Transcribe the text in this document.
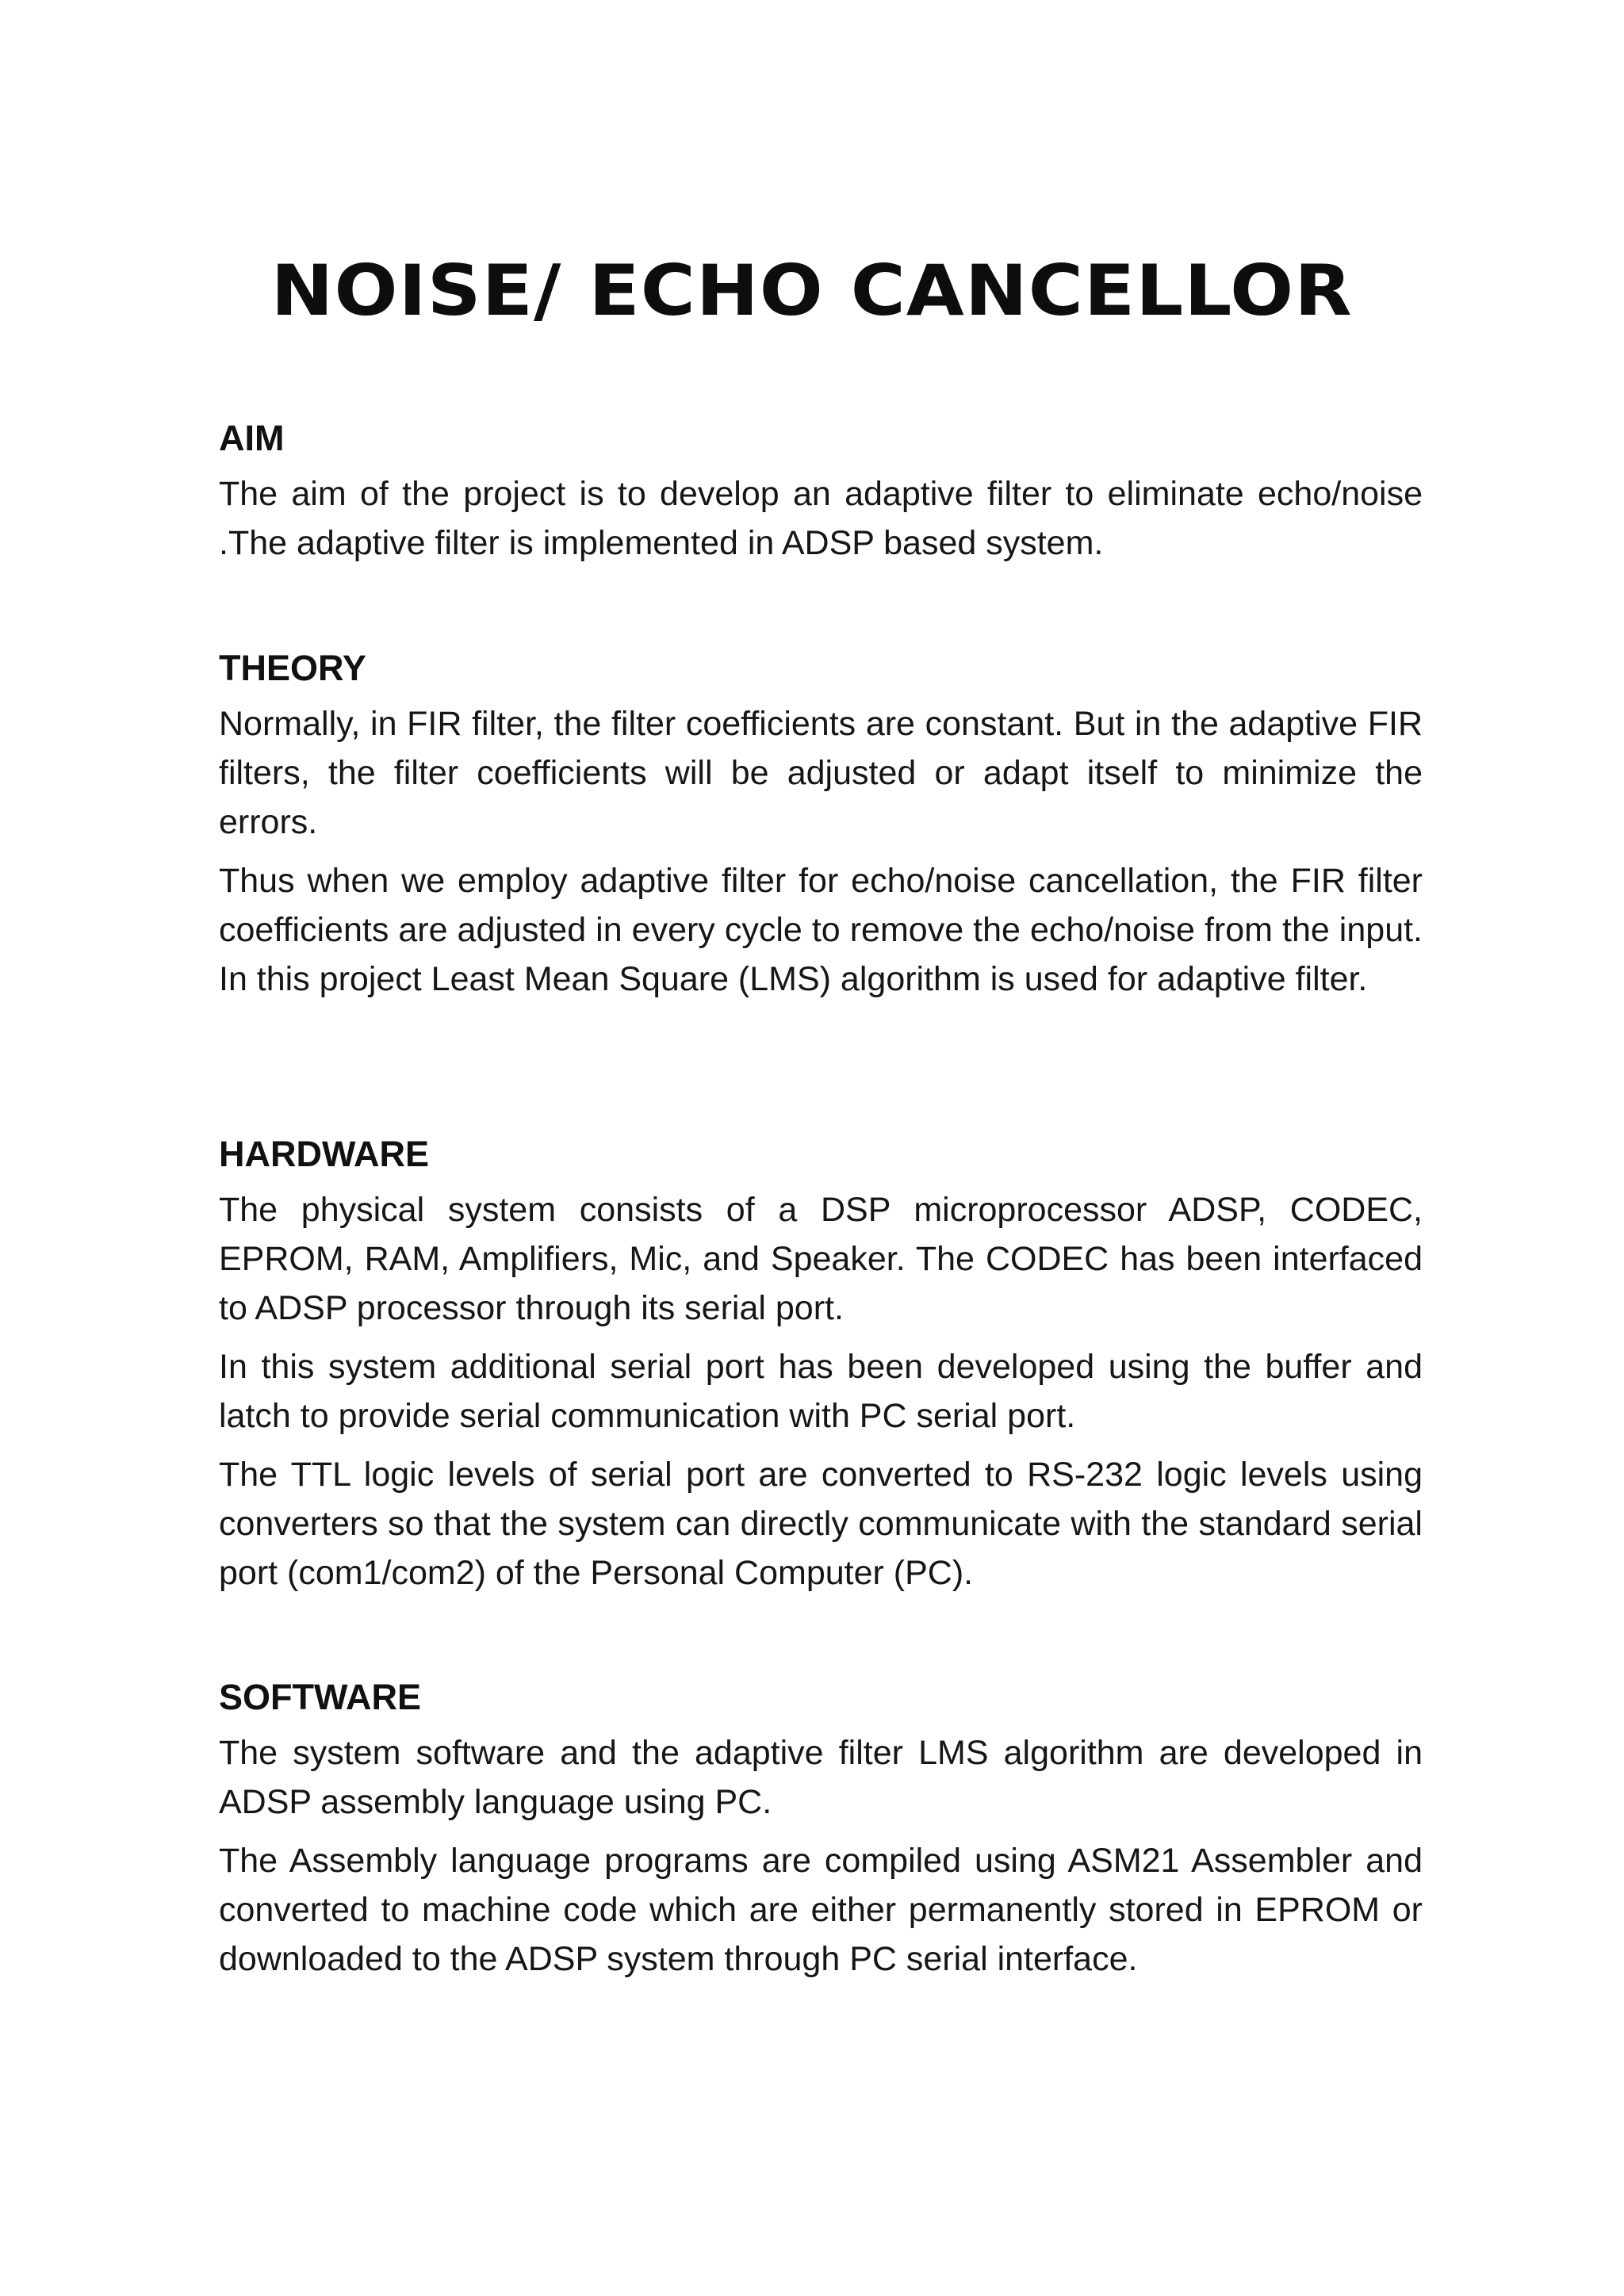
NOISE/ ECHO CANCELLOR
AIM

The aim of the project is to develop an adaptive filter to eliminate echo/noise .The adaptive filter is implemented in ADSP based system.

THEORY

Normally, in FIR filter, the filter coefficients are constant. But in the adaptive FIR filters, the filter coefficients will be adjusted or adapt itself to minimize the errors.

Thus when we employ adaptive filter for echo/noise cancellation, the FIR filter coefficients are adjusted in every cycle to remove the echo/noise from the input. In this project Least Mean Square (LMS) algorithm is used for adaptive filter.

HARDWARE

The physical system consists of a DSP microprocessor ADSP, CODEC, EPROM, RAM, Amplifiers, Mic, and Speaker. The CODEC has been interfaced to ADSP processor through its serial port.

In this system additional serial port has been developed using the buffer and latch to provide serial communication with PC serial port.

The TTL logic levels of serial port are converted to RS-232 logic levels using converters so that the system can directly communicate with the standard serial port (com1/com2) of the Personal Computer (PC).

SOFTWARE

The system software and the adaptive filter LMS algorithm are developed in ADSP assembly language using PC.

The Assembly language programs are compiled using ASM21 Assembler and converted to machine code which are either permanently stored in EPROM or downloaded to the ADSP system through PC serial interface.
